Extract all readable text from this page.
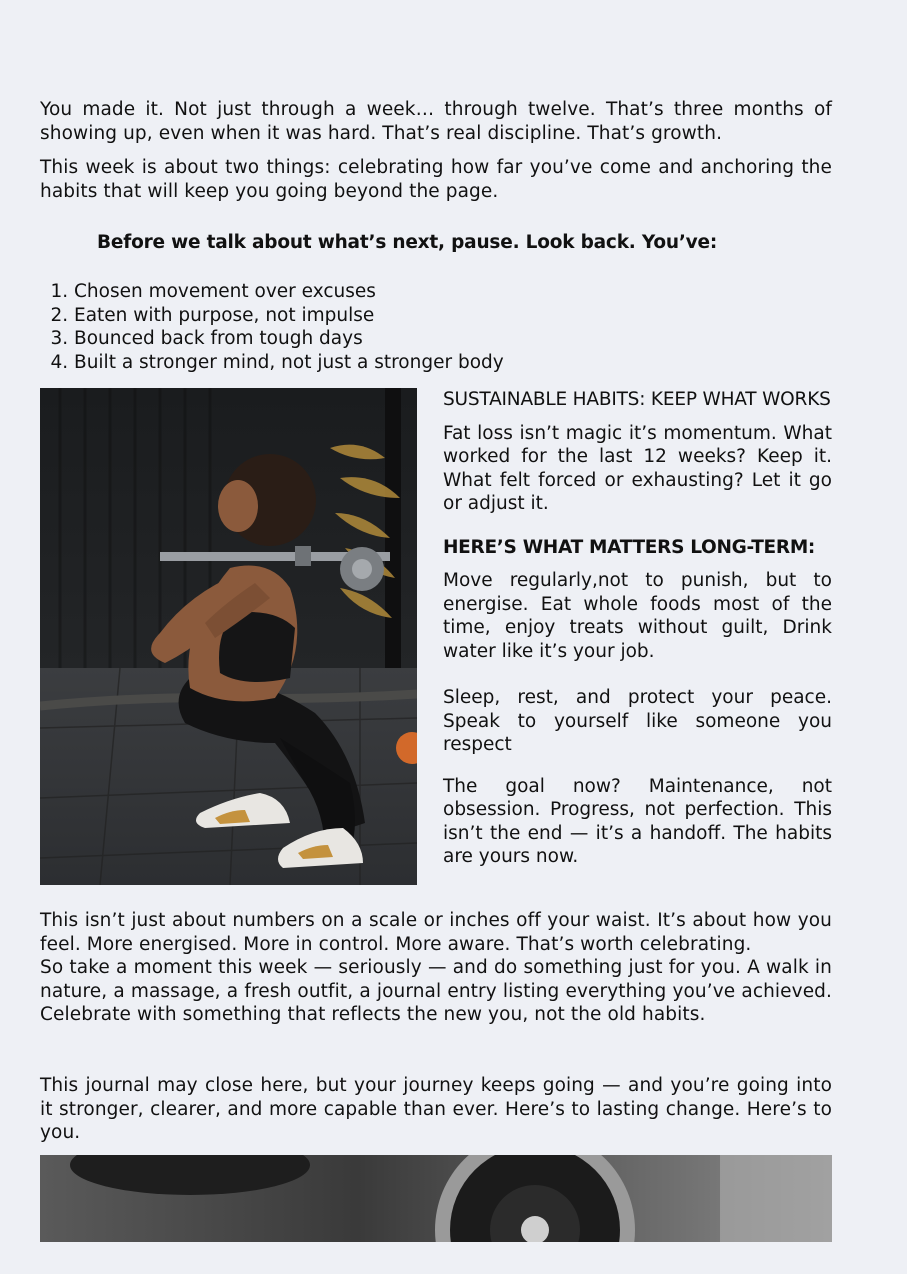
You made it. Not just through a week… through twelve. That’s three months of showing up, even when it was hard. That’s real discipline. That’s growth.

This week is about two things: celebrating how far you’ve come and anchoring the habits that will keep you going beyond the page.

Before we talk about what’s next, pause. Look back. You’ve:

1. Chosen movement over excuses
2. Eaten with purpose, not impulse
3. Bounced back from tough days
4. Built a stronger mind, not just a stronger body
SUSTAINABLE HABITS: KEEP WHAT WORKS
Fat loss isn’t magic it’s momentum. What worked for the last 12 weeks? Keep it. What felt forced or exhausting? Let it go or adjust it.
HERE’S WHAT MATTERS LONG-TERM:
Move regularly,not to punish, but to energise. Eat whole foods most of the time, enjoy treats without guilt, Drink water like it’s your job.
Sleep, rest, and protect your peace. Speak to yourself like someone you respect
The goal now? Maintenance, not obsession. Progress, not perfection. This isn’t the end — it’s a handoff. The habits are yours now.
This isn’t just about numbers on a scale or inches off your waist. It’s about how you feel. More energised. More in control. More aware. That’s worth celebrating.
So take a moment this week — seriously — and do something just for you. A walk in nature, a massage, a fresh outfit, a journal entry listing everything you’ve achieved. Celebrate with something that reflects the new you, not the old habits.

This journal may close here, but your journey keeps going — and you’re going into it stronger, clearer, and more capable than ever. Here’s to lasting change. Here’s to you.
